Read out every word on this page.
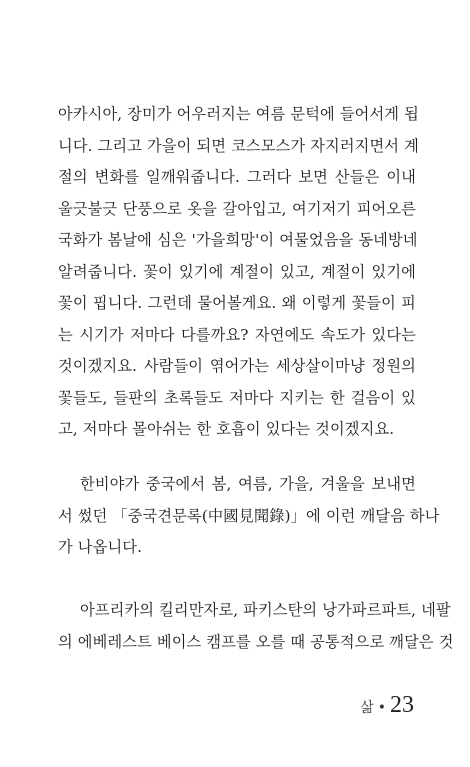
아카시아, 장미가 어우러지는 여름 문턱에 들어서게 됩
니다. 그리고 가을이 되면 코스모스가 자지러지면서 계
절의 변화를 일깨워줍니다. 그러다 보면 산들은 이내
울긋불긋 단풍으로 옷을 갈아입고, 여기저기 피어오른
국화가 봄날에 심은 '가을희망'이 여물었음을 동네방네
알려줍니다. 꽃이 있기에 계절이 있고, 계절이 있기에
꽃이 핍니다. 그런데 물어볼게요. 왜 이렇게 꽃들이 피
는 시기가 저마다 다를까요? 자연에도 속도가 있다는
것이겠지요. 사람들이 엮어가는 세상살이마냥 정원의
꽃들도, 들판의 초록들도 저마다 지키는 한 걸음이 있
고, 저마다 몰아쉬는 한 호흡이 있다는 것이겠지요.
한비야가 중국에서 봄, 여름, 가을, 겨울을 보내면
서 썼던 「중국견문록(中國見聞錄)」에 이런 깨달음 하나
가 나옵니다.
아프리카의 킬리만자로, 파키스탄의 낭가파르파트, 네팔
의 에베레스트 베이스 캠프를 오를 때 공통적으로 깨달은 것
삶 • 23
